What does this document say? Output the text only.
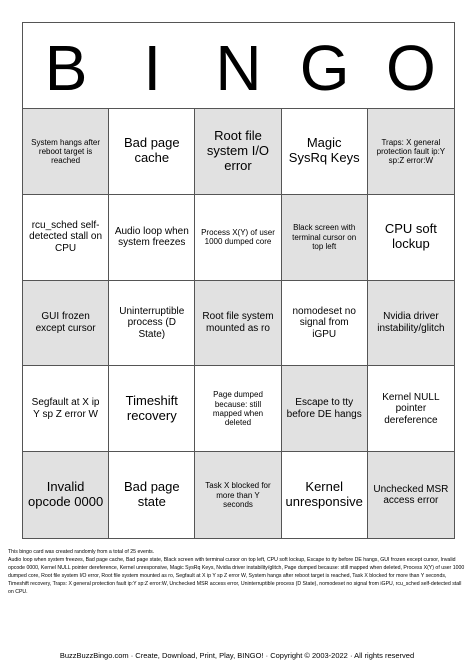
B I N G O
System hangs after reboot target is reached
Bad page cache
Root file system I/O error
Magic SysRq Keys
Traps: X general protection fault ip:Y sp:Z error:W
rcu_sched self-detected stall on CPU
Audio loop when system freezes
Process X(Y) of user 1000 dumped core
Black screen with terminal cursor on top left
CPU soft lockup
GUI frozen except cursor
Uninterruptible process (D State)
Root file system mounted as ro
nomodeset no signal from iGPU
Nvidia driver instability/glitch
Segfault at X ip Y sp Z error W
Timeshift recovery
Page dumped because: still mapped when deleted
Escape to tty before DE hangs
Kernel NULL pointer dereference
Invalid opcode 0000
Bad page state
Task X blocked for more than Y seconds
Kernel unresponsive
Unchecked MSR access error

This bingo card was created randomly from a total of 25 events.

Audio loop when system freezes, Bad page cache, Bad page state, Black screen with terminal cursor on top left, CPU soft lockup, Escape to tty before DE hangs, GUI frozen except cursor, Invalid opcode 0000, Kernel NULL pointer dereference, Kernel unresponsive, Magic SysRq Keys, Nvidia driver instability/glitch, Page dumped because: still mapped when deleted, Process X(Y) of user 1000 dumped core, Root file system I/O error, Root file system mounted as ro, Segfault at X ip Y sp Z error W, System hangs after reboot target is reached, Task X blocked for more than Y seconds, Timeshift recovery, Traps: X general protection fault ip:Y sp:Z error:W, Unchecked MSR access error, Uninterruptible process (D State), nomodeset no signal from iGPU, rcu_sched self-detected stall on CPU.

BuzzBuzzBingo.com · Create, Download, Print, Play, BINGO! · Copyright © 2003-2022 · All rights reserved
